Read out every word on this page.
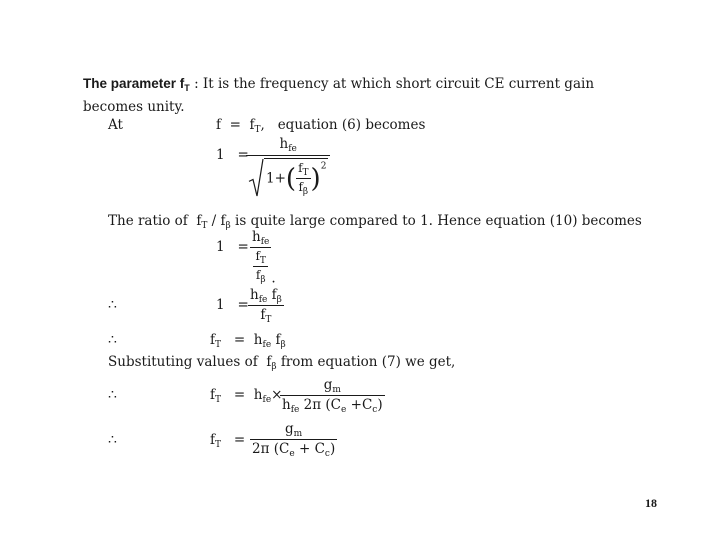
The parameter $f_T$ : It is the frequency at which short circuit CE current gain becomes unity.
At	$f = f_T$, equation (6) becomes
1 =
$\frac{h_{fe}}{1+( \frac{f_T}{f_\beta} )^2}$
The ratio of $f_T / f_\beta$ is quite large compared to 1. Hence equation (10) becomes
$1 = \frac{h_{fe}}{\frac{f_T}{f_\beta}}$ .
∴	$1 = \frac{h_{fe} f_\beta}{f_T}$
∴	$f_T = h_{fe}$ $f_\beta$
Substituting values of $f_\beta$ from equation (7) we get,
∴	$f_T = h_{fe}\times$
$\frac{g_m}{h_{fe} 2\pi (C_e +C_c)}$
∴	$f_T = \frac{g_m}{2\pi (C_e + C_c)}$
18
